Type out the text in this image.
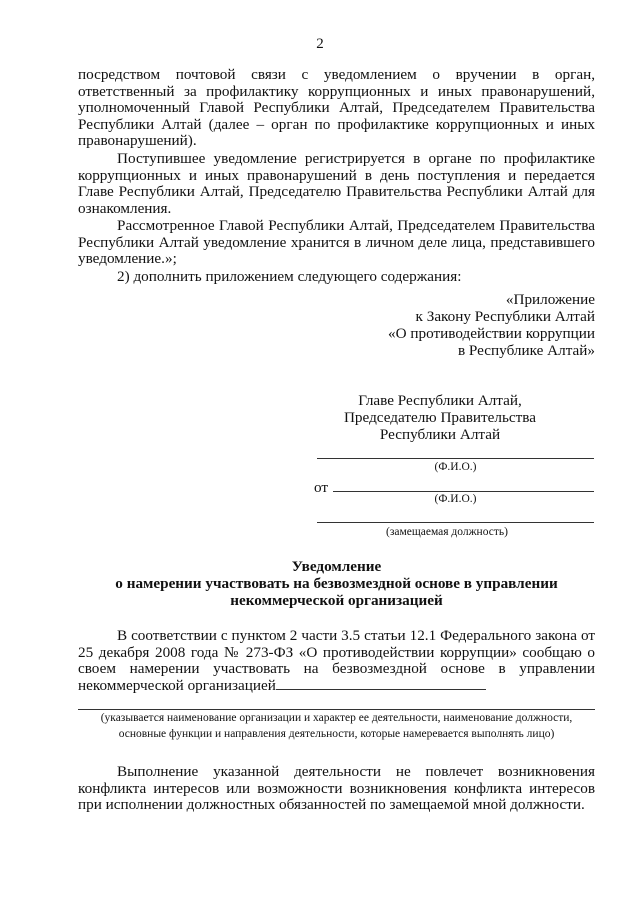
2

посредством почтовой связи с уведомлением о вручении в орган, ответственный за профилактику коррупционных и иных правонарушений, уполномоченный Главой Республики Алтай, Председателем Правительства Республики Алтай (далее – орган по профилактике коррупционных и иных правонарушений).

Поступившее уведомление регистрируется в органе по профилактике коррупционных и иных правонарушений в день поступления и передается Главе Республики Алтай, Председателю Правительства Республики Алтай для ознакомления.

Рассмотренное Главой Республики Алтай, Председателем Правительства Республики Алтай уведомление хранится в личном деле лица, представившего уведомление.»;

2) дополнить приложением следующего содержания:

«Приложение

к Закону Республики Алтай

«О противодействии коррупции

в Республике Алтай»

Главе Республики Алтай,

Председателю Правительства

Республики Алтай

(Ф.И.О.)
от
(Ф.И.О.)
(замещаемая должность)

Уведомление

о намерении участвовать на безвозмездной основе в управлении

некоммерческой организацией

В соответствии с пунктом 2 части 3.5 статьи 12.1 Федерального закона от 25 декабря 2008 года № 273-ФЗ «О противодействии коррупции» сообщаю о своем намерении участвовать на безвозмездной основе в управлении некоммерческой организацией

(указывается наименование организации и характер ее деятельности, наименование должности, основные функции и направления деятельности, которые намеревается выполнять лицо)

Выполнение указанной деятельности не повлечет возникновения конфликта интересов или возможности возникновения конфликта интересов при исполнении должностных обязанностей по замещаемой мной должности.
